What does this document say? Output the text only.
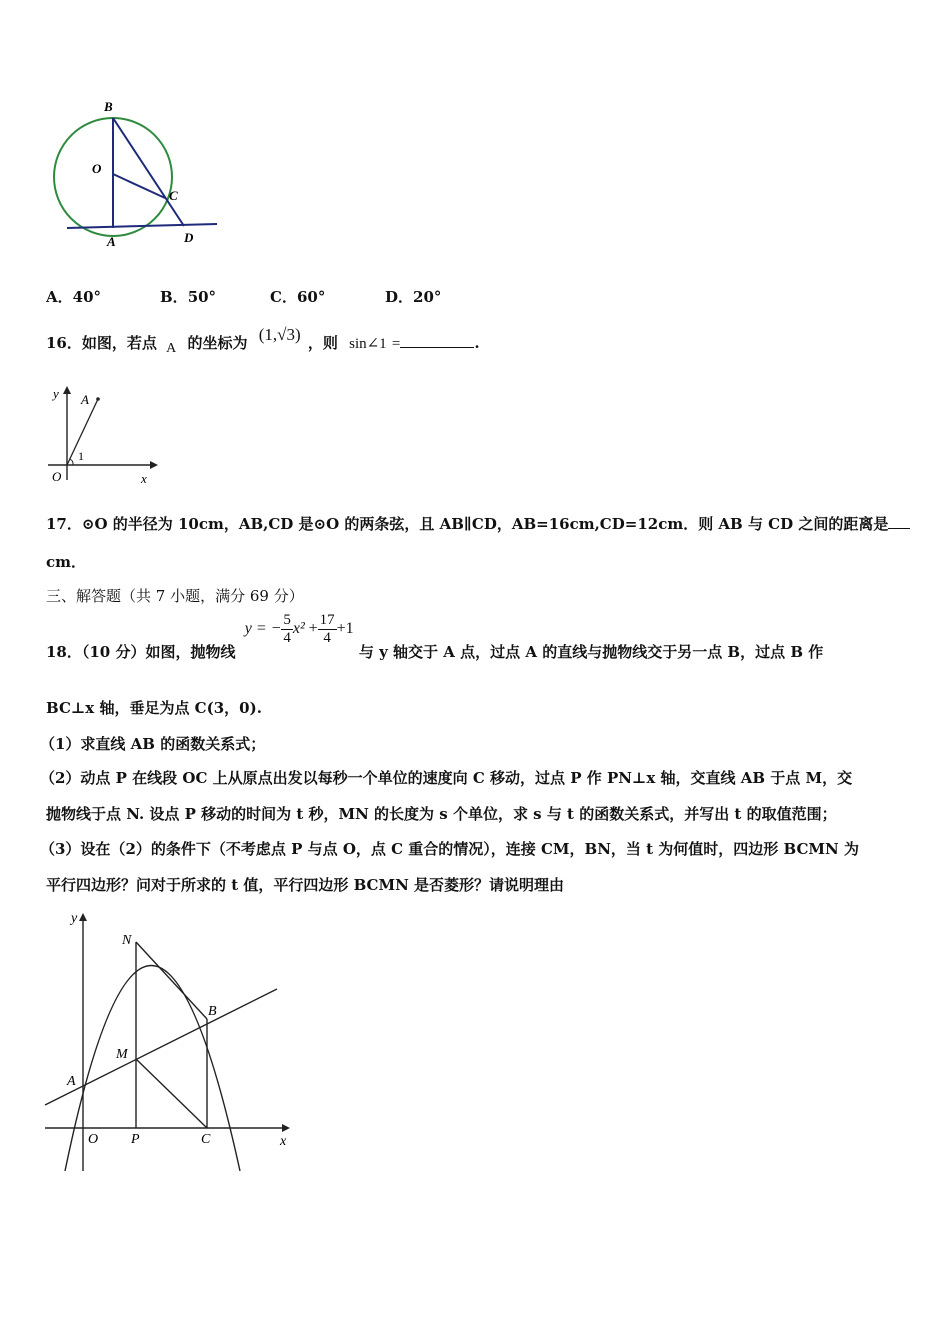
B
O
C
A	D
A．40°	B．50°	C．60°	D．20°
16．如图，若点 A 的坐标为 (1,√3) ，则 sin∠1 =	.
y A
1
O	x
17．⊙O 的半径为 10cm，AB,CD 是⊙O 的两条弦，且 AB∥CD，AB=16cm,CD=12cm．则 AB 与 CD 之间的距离是
cm．
三、解答题（共 7 小题，满分 69 分）
18．（10 分）如图，抛物线 y = − $\frac{5}{4} x^2 + \frac{17}{4} +1$ 与 y 轴交于 A 点，过点 A 的直线与抛物线交于另一点 B，过点 B 作
BC⊥x 轴，垂足为点 C(3，0).
（1）求直线 AB 的函数关系式；
（2）动点 P 在线段 OC 上从原点出发以每秒一个单位的速度向 C 移动，过点 P 作 PN⊥x 轴，交直线 AB 于点 M，交
抛物线于点 N. 设点 P 移动的时间为 t 秒，MN 的长度为 s 个单位，求 s 与 t 的函数关系式，并写出 t 的取值范围；
（3）设在（2）的条件下（不考虑点 P 与点 O，点 C 重合的情况），连接 CM，BN，当 t 为何值时，四边形 BCMN 为
平行四边形？问对于所求的 t 值，平行四边形 BCMN 是否菱形？请说明理由
y
N
B
M
A
O P	C	x
